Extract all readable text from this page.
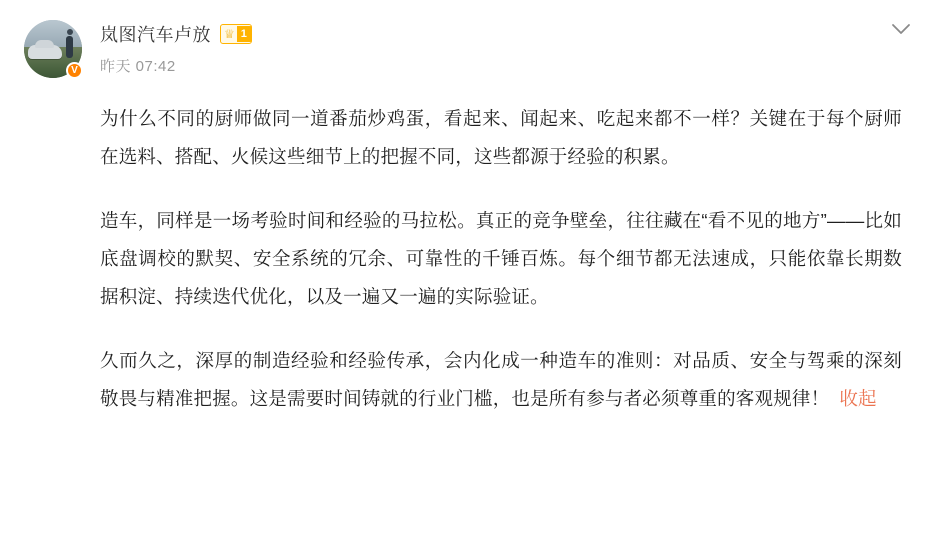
V
岚图汽车卢放 ♕ 1
昨天 07:42

为什么不同的厨师做同一道番茄炒鸡蛋，看起来、闻起来、吃起来都不一样？关键在于每个厨师在选料、搭配、火候这些细节上的把握不同，这些都源于经验的积累。

造车，同样是一场考验时间和经验的马拉松。真正的竞争壁垒，往往藏在“看不见的地方”——比如底盘调校的默契、安全系统的冗余、可靠性的千锤百炼。每个细节都无法速成，只能依靠长期数据积淀、持续迭代优化，以及一遍又一遍的实际验证。

久而久之，深厚的制造经验和经验传承，会内化成一种造车的准则：对品质、安全与驾乘的深刻敬畏与精准把握。这是需要时间铸就的行业门槛，也是所有参与者必须尊重的客观规律！ 收起
